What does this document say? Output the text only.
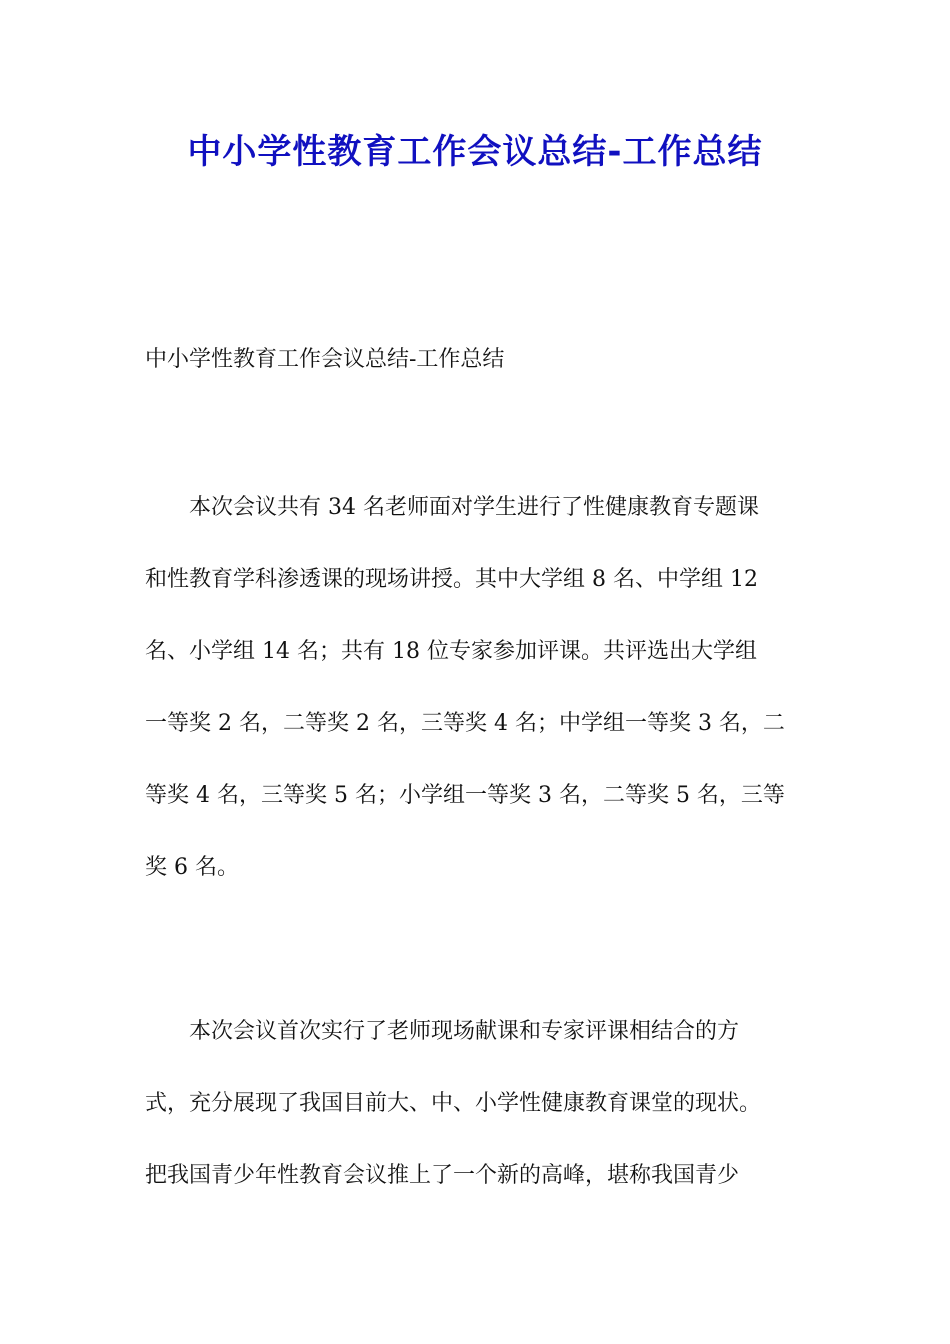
中小学性教育工作会议总结-工作总结

中小学性教育工作会议总结-工作总结

　　本次会议共有 34 名老师面对学生进行了性健康教育专题课
和性教育学科渗透课的现场讲授。其中大学组 8 名、中学组 12
名、小学组 14 名；共有 18 位专家参加评课。共评选出大学组
一等奖 2 名，二等奖 2 名，三等奖 4 名；中学组一等奖 3 名，二
等奖 4 名，三等奖 5 名；小学组一等奖 3 名，二等奖 5 名，三等
奖 6 名。
　　本次会议首次实行了老师现场献课和专家评课相结合的方
式，充分展现了我国目前大、中、小学性健康教育课堂的现状。
把我国青少年性教育会议推上了一个新的高峰，堪称我国青少
